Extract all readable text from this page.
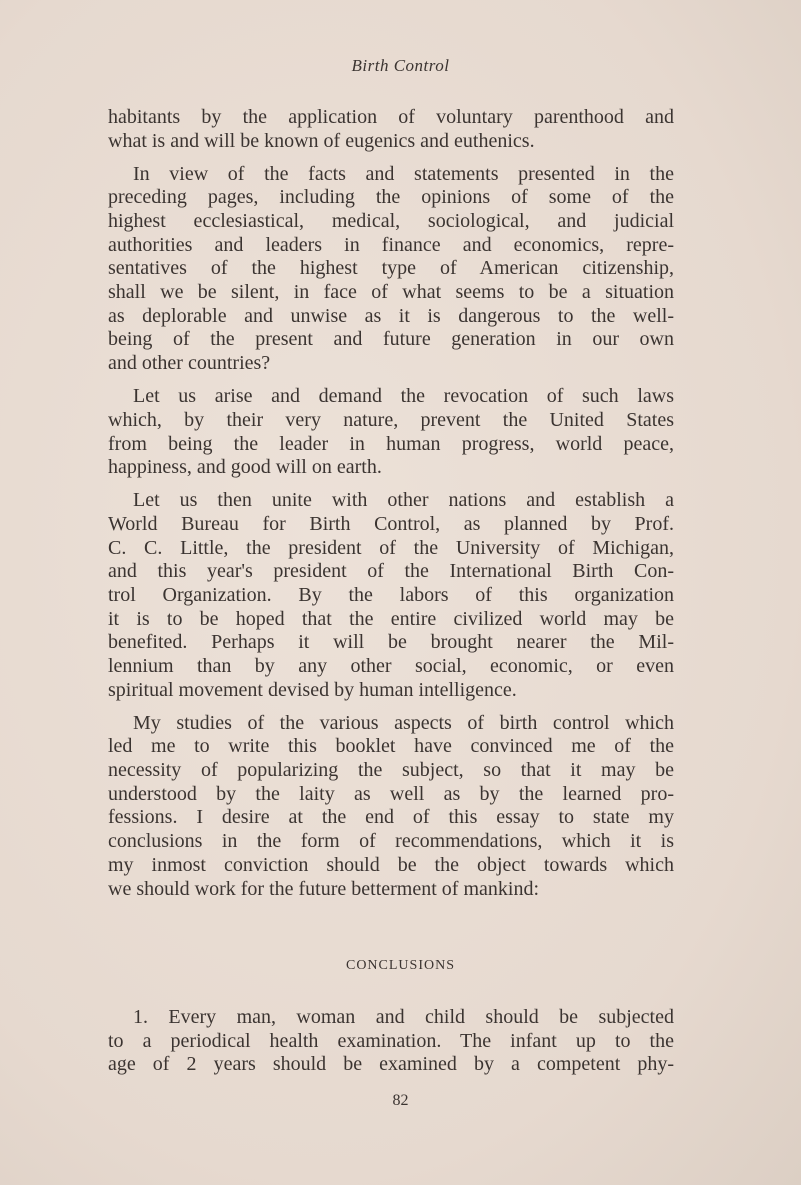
Birth Control
habitants by the application of voluntary parenthood and
what is and will be known of eugenics and euthenics.
In view of the facts and statements presented in the
preceding pages, including the opinions of some of the
highest ecclesiastical, medical, sociological, and judicial
authorities and leaders in finance and economics, repre-
sentatives of the highest type of American citizenship,
shall we be silent, in face of what seems to be a situation
as deplorable and unwise as it is dangerous to the well-
being of the present and future generation in our own
and other countries?
Let us arise and demand the revocation of such laws
which, by their very nature, prevent the United States
from being the leader in human progress, world peace,
happiness, and good will on earth.
Let us then unite with other nations and establish a
World Bureau for Birth Control, as planned by Prof.
C. C. Little, the president of the University of Michigan,
and this year's president of the International Birth Con-
trol Organization. By the labors of this organization
it is to be hoped that the entire civilized world may be
benefited. Perhaps it will be brought nearer the Mil-
lennium than by any other social, economic, or even
spiritual movement devised by human intelligence.
My studies of the various aspects of birth control which
led me to write this booklet have convinced me of the
necessity of popularizing the subject, so that it may be
understood by the laity as well as by the learned pro-
fessions. I desire at the end of this essay to state my
conclusions in the form of recommendations, which it is
my inmost conviction should be the object towards which
we should work for the future betterment of mankind:
CONCLUSIONS
1. Every man, woman and child should be subjected
to a periodical health examination. The infant up to the
age of 2 years should be examined by a competent phy-
82
